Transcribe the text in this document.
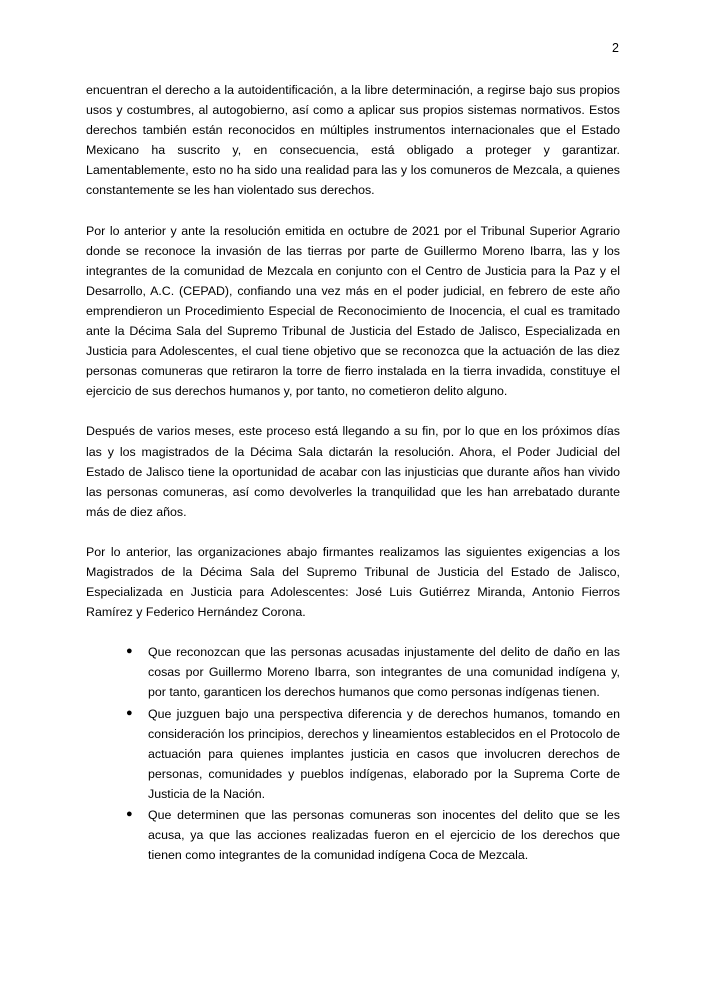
2

encuentran el derecho a la autoidentificación, a la libre determinación, a regirse bajo sus propios usos y costumbres, al autogobierno, así como a aplicar sus propios sistemas normativos. Estos derechos también están reconocidos en múltiples instrumentos internacionales que el Estado Mexicano ha suscrito y, en consecuencia, está obligado a proteger y garantizar. Lamentablemente, esto no ha sido una realidad para las y los comuneros de Mezcala, a quienes constantemente se les han violentado sus derechos.

Por lo anterior y ante la resolución emitida en octubre de 2021 por el Tribunal Superior Agrario donde se reconoce la invasión de las tierras por parte de Guillermo Moreno Ibarra, las y los integrantes de la comunidad de Mezcala en conjunto con el Centro de Justicia para la Paz y el Desarrollo, A.C. (CEPAD), confiando una vez más en el poder judicial, en febrero de este año emprendieron un Procedimiento Especial de Reconocimiento de Inocencia, el cual es tramitado ante la Décima Sala del Supremo Tribunal de Justicia del Estado de Jalisco, Especializada en Justicia para Adolescentes, el cual tiene objetivo que se reconozca que la actuación de las diez personas comuneras que retiraron la torre de fierro instalada en la tierra invadida, constituye el ejercicio de sus derechos humanos y, por tanto, no cometieron delito alguno.

Después de varios meses, este proceso está llegando a su fin, por lo que en los próximos días las y los magistrados de la Décima Sala dictarán la resolución. Ahora, el Poder Judicial del Estado de Jalisco tiene la oportunidad de acabar con las injusticias que durante años han vivido las personas comuneras, así como devolverles la tranquilidad que les han arrebatado durante más de diez años.

Por lo anterior, las organizaciones abajo firmantes realizamos las siguientes exigencias a los Magistrados de la Décima Sala del Supremo Tribunal de Justicia del Estado de Jalisco, Especializada en Justicia para Adolescentes: José Luis Gutiérrez Miranda, Antonio Fierros Ramírez y Federico Hernández Corona.

● Que reconozcan que las personas acusadas injustamente del delito de daño en las cosas por Guillermo Moreno Ibarra, son integrantes de una comunidad indígena y, por tanto, garanticen los derechos humanos que como personas indígenas tienen.
● Que juzguen bajo una perspectiva diferencia y de derechos humanos, tomando en consideración los principios, derechos y lineamientos establecidos en el Protocolo de actuación para quienes implantes justicia en casos que involucren derechos de personas, comunidades y pueblos indígenas, elaborado por la Suprema Corte de Justicia de la Nación.
● Que determinen que las personas comuneras son inocentes del delito que se les acusa, ya que las acciones realizadas fueron en el ejercicio de los derechos que tienen como integrantes de la comunidad indígena Coca de Mezcala.
